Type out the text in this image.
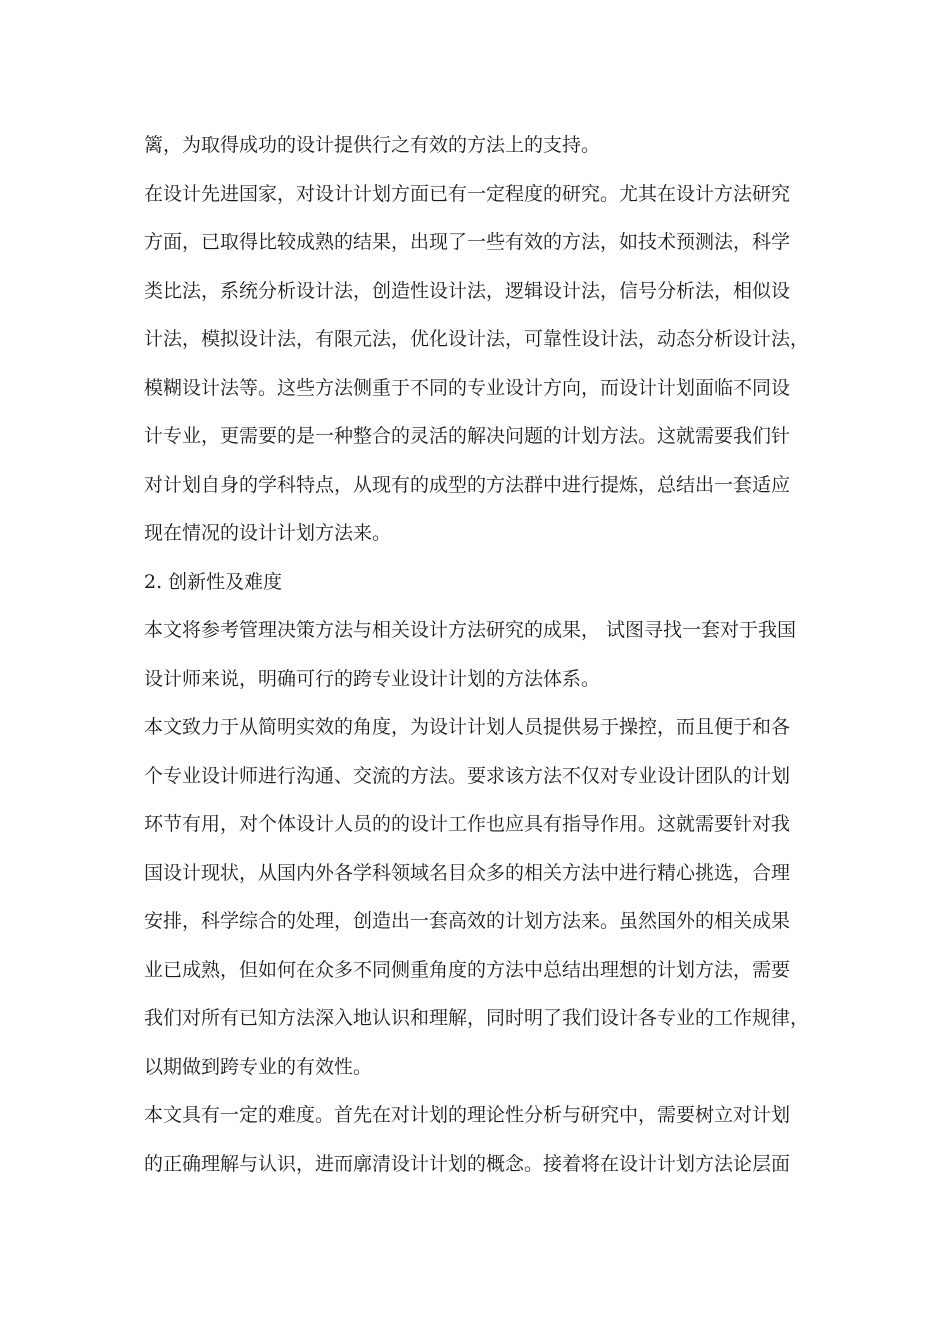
篱，为取得成功的设计提供行之有效的方法上的支持。
在设计先进国家，对设计计划方面已有一定程度的研究。尤其在设计方法研究
方面，已取得比较成熟的结果，出现了一些有效的方法，如技术预测法，科学
类比法，系统分析设计法，创造性设计法，逻辑设计法，信号分析法，相似设
计法，模拟设计法，有限元法，优化设计法，可靠性设计法，动态分析设计法，
模糊设计法等。这些方法侧重于不同的专业设计方向，而设计计划面临不同设
计专业，更需要的是一种整合的灵活的解决问题的计划方法。这就需要我们针
对计划自身的学科特点，从现有的成型的方法群中进行提炼，总结出一套适应
现在情况的设计计划方法来。
2. 创新性及难度
本文将参考管理决策方法与相关设计方法研究的成果， 试图寻找一套对于我国
设计师来说，明确可行的跨专业设计计划的方法体系。
本文致力于从简明实效的角度，为设计计划人员提供易于操控，而且便于和各
个专业设计师进行沟通、交流的方法。要求该方法不仅对专业设计团队的计划
环节有用，对个体设计人员的的设计工作也应具有指导作用。这就需要针对我
国设计现状，从国内外各学科领域名目众多的相关方法中进行精心挑选，合理
安排，科学综合的处理，创造出一套高效的计划方法来。虽然国外的相关成果
业已成熟，但如何在众多不同侧重角度的方法中总结出理想的计划方法，需要
我们对所有已知方法深入地认识和理解，同时明了我们设计各专业的工作规律，
以期做到跨专业的有效性。
本文具有一定的难度。首先在对计划的理论性分析与研究中，需要树立对计划
的正确理解与认识，进而廓清设计计划的概念。接着将在设计计划方法论层面
